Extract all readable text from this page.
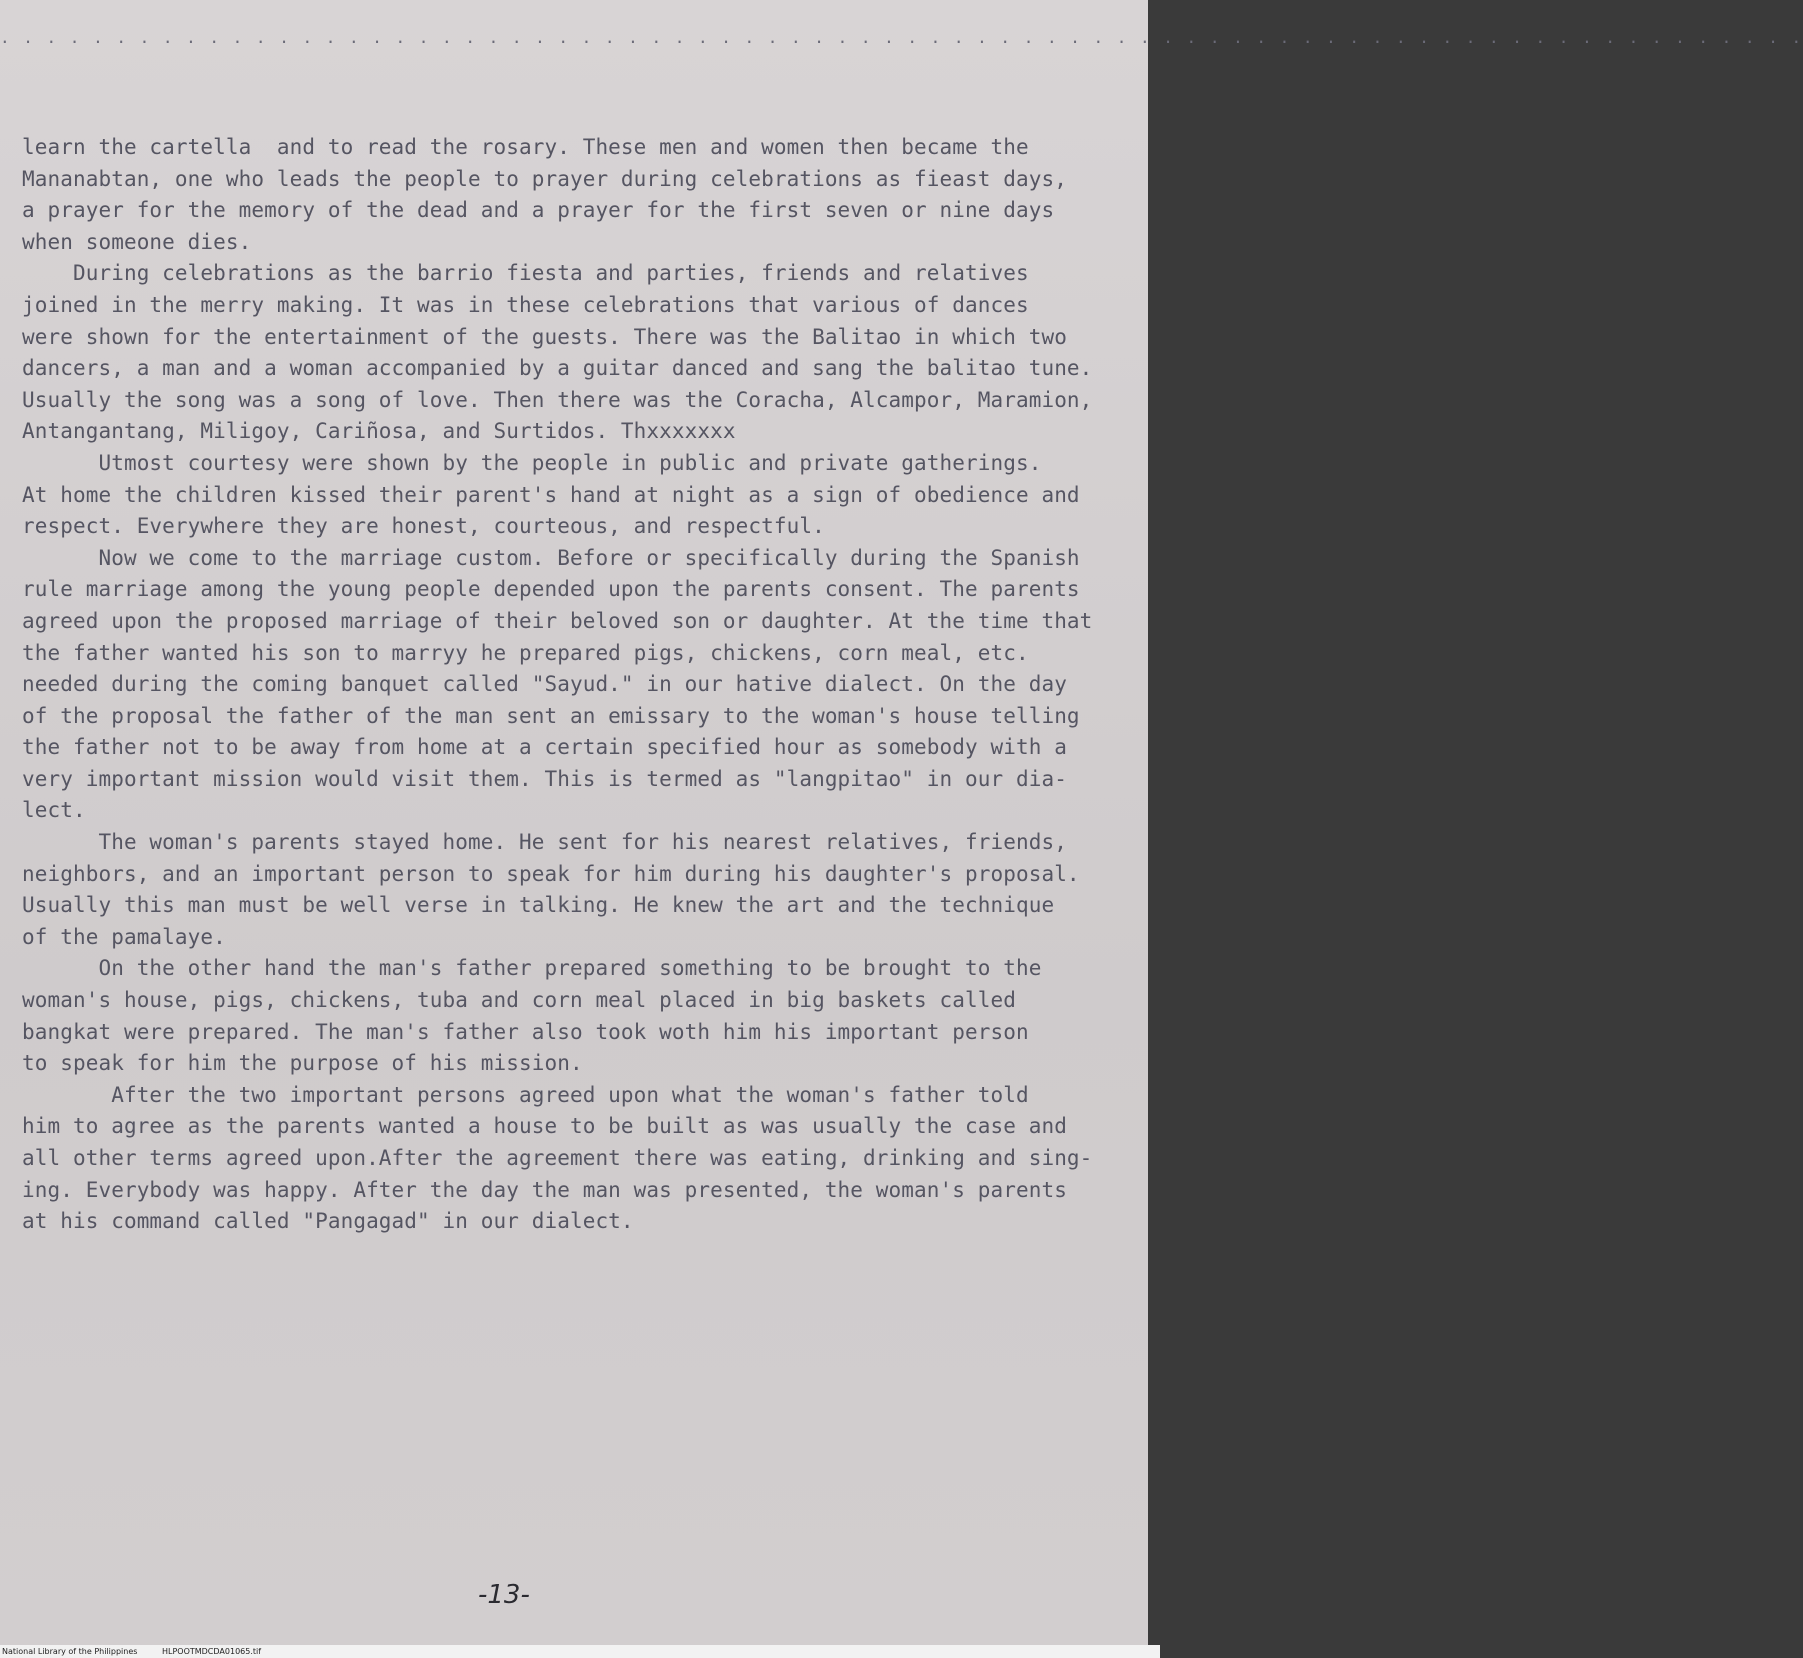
. . . . . . . . . . . . . . . . . . . . . . . . . . . . . . . . . . . . . . . . . . . . . . . . . . . . . . . . . . . . . . . . . . . . . . . . . . . . . .
learn the cartella  and to read the rosary. These men and women then became the
Mananabtan, one who leads the people to prayer during celebrations as fieast days,
a prayer for the memory of the dead and a prayer for the first seven or nine days
when someone dies.
During celebrations as the barrio fiesta and parties, friends and relatives
joined in the merry making. It was in these celebrations that various of dances
were shown for the entertainment of the guests. There was the Balitao in which two
dancers, a man and a woman accompanied by a guitar danced and sang the balitao tune.
Usually the song was a song of love. Then there was the Coracha, Alcampor, Maramion,
Antangantang, Miligoy, Cariñosa, and Surtidos. Thxxxxxxx
Utmost courtesy were shown by the people in public and private gatherings.
At home the children kissed their parent's hand at night as a sign of obedience and
respect. Everywhere they are honest, courteous, and respectful.
Now we come to the marriage custom. Before or specifically during the Spanish
rule marriage among the young people depended upon the parents consent. The parents
agreed upon the proposed marriage of their beloved son or daughter. At the time that
the father wanted his son to marryy he prepared pigs, chickens, corn meal, etc.
needed during the coming banquet called "Sayud." in our hative dialect. On the day
of the proposal the father of the man sent an emissary to the woman's house telling
the father not to be away from home at a certain specified hour as somebody with a
very important mission would visit them. This is termed as "langpitao" in our dia-
lect.
The woman's parents stayed home. He sent for his nearest relatives, friends,
neighbors, and an important person to speak for him during his daughter's proposal.
Usually this man must be well verse in talking. He knew the art and the technique
of the pamalaye.
On the other hand the man's father prepared something to be brought to the
woman's house, pigs, chickens, tuba and corn meal placed in big baskets called
bangkat were prepared. The man's father also took woth him his important person
to speak for him the purpose of his mission.
After the two important persons agreed upon what the woman's father told
him to agree as the parents wanted a house to be built as was usually the case and
all other terms agreed upon.After the agreement there was eating, drinking and sing-
ing. Everybody was happy. After the day the man was presented, the woman's parents
at his command called "Pangagad" in our dialect.
-13-
National Library of the Philippines	HLPOOTMDCDA01065.tif
